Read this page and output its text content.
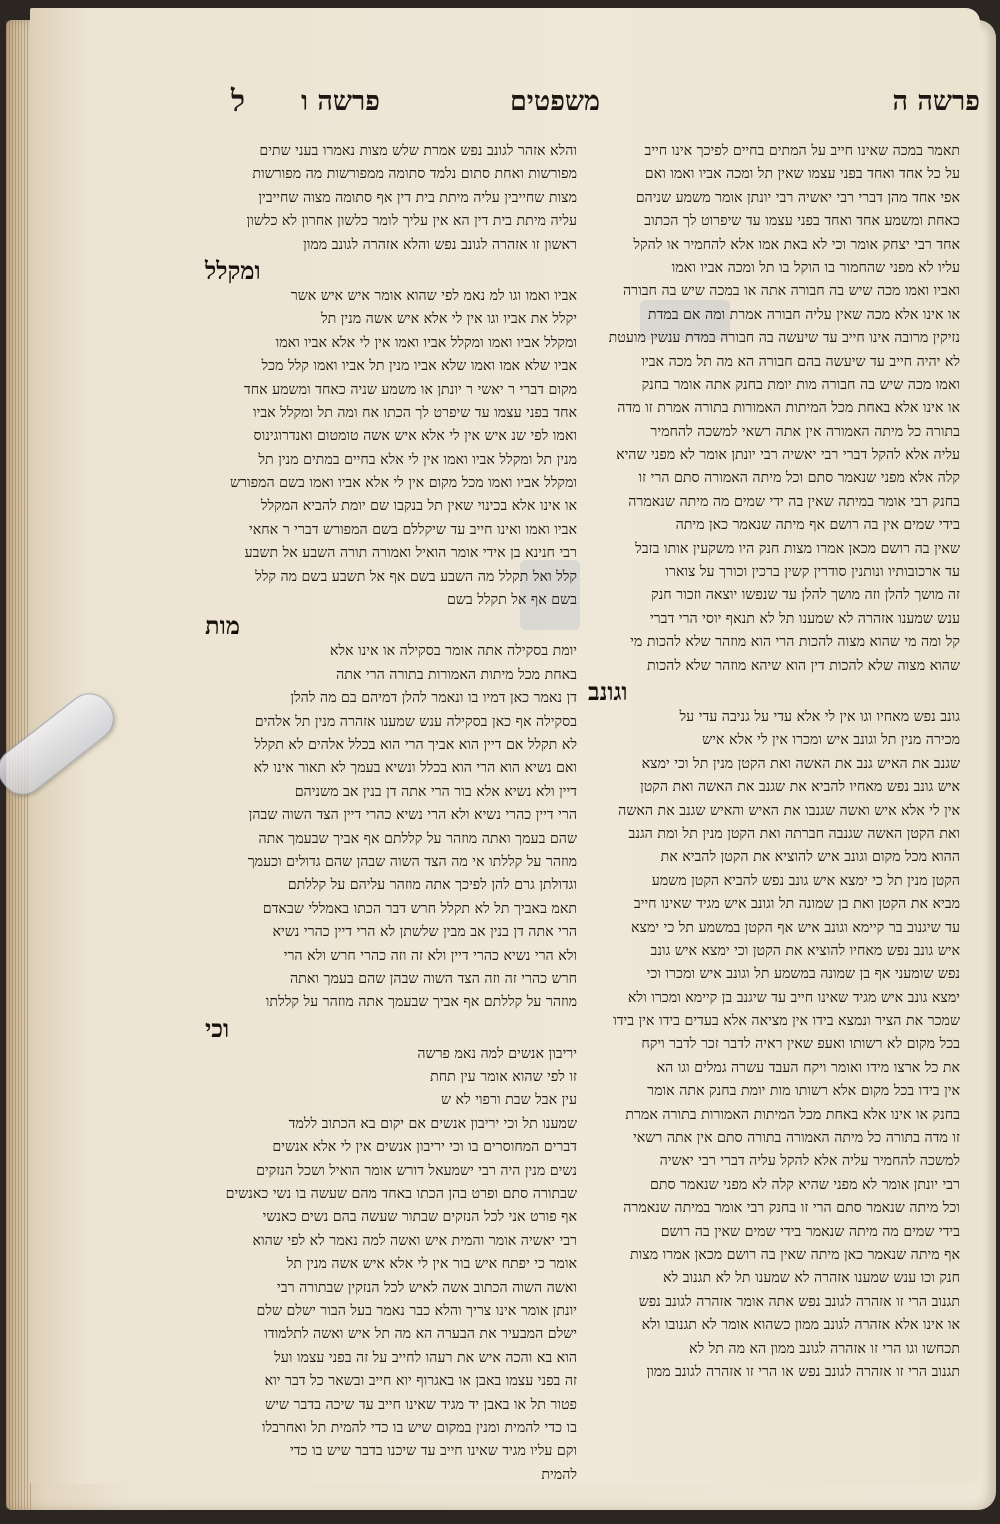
פרשה ה
משפטים
פרשה ו
ל
תאמר במכה שאינו חייב על המתים בחיים לפיכך אינו חייב
על כל אחד ואחד בפני עצמו שאין תל ומכה אביו ואמו ואם
אפי אחד מהן דברי רבי יאשיה רבי יונתן אומר משמע שניהם
כאחת ומשמע אחד ואחד בפני עצמו עד שיפרוט לך הכתוב
אחד רבי יצחק אומר וכי לא באת אמו אלא להחמיר או להקל
עליו לא מפני שהחמור בו הוקל בו תל ומכה אביו ואמו
ואביו ואמו מכה שיש בה חבורה אתה או במכה שיש בה חבורה
או אינו אלא מכה שאין עליה חבורה אמרת ומה אם במדת
נזיקין מרובה אינו חייב עד שיעשה בה חבורה במדת ענשין מועטת
לא יהיה חייב עד שיעשה בהם חבורה הא מה תל מכה אביו
ואמו מכה שיש בה חבורה מות יומת בחנק אתה אומר בחנק
או אינו אלא באחת מכל המיתות האמורות בתורה אמרת זו מדה
בתורה כל מיתה האמורה אין אתה רשאי למשכה להחמיר
עליה אלא להקל דברי רבי יאשיה רבי יונתן אומר לא מפני שהיא
קלה אלא מפני שנאמר סתם וכל מיתה האמורה סתם הרי זו
בחנק רבי אומר במיתה שאין בה ידי שמים מה מיתה שנאמרה
בידי שמים אין בה רושם אף מיתה שנאמר כאן מיתה
שאין בה רושם מכאן אמרו מצות חנק היו משקעין אותו בזבל
עד ארכובותיו ונותנין סודרין קשין ברכין וכורך על צוארו
זה מושך להלן וזה מושך להלן עד שנפשו יוצאה וזכור חנק
ענש שמענו אזהרה לא שמענו תל לא תנאף יוסי הרי דברי
קל ומה מי שהוא מצוה להכות הרי הוא מוזהר שלא להכות מי
שהוא מצוה שלא להכות דין הוא שיהא מוזהר שלא להכות
וגונב
גונב נפש מאחיו וגו אין לי אלא עדי על גניבה עדי על
מכירה מנין תל וגונב איש ומכרו אין לי אלא איש
שגנב את האיש גנב את האשה ואת הקטן מנין תל וכי ימצא
איש גונב נפש מאחיו להביא את שגנב את האשה ואת הקטן
אין לי אלא איש ואשה שגנבו את האיש והאיש שגנב את האשה
ואת הקטן האשה שגנבה חברתה ואת הקטן מנין תל ומת הגנב
ההוא מכל מקום וגונב איש להוציא את הקטן להביא את
הקטן מנין תל כי ימצא איש גונב נפש להביא הקטן משמע
מביא את הקטן ואת בן שמונה תל וגונב איש מגיד שאינו חייב
עד שיגנוב בר קיימא וגונב איש אף הקטן במשמע תל כי ימצא
איש גונב נפש מאחיו להוציא את הקטן וכי ימצא איש גונב
נפש שומעני אף בן שמונה במשמע תל וגונב איש ומכרו וכי
ימצא גונב איש מגיד שאינו חייב עד שיגנב בן קיימא ומכרו ולא
שמכר את הציר ונמצא בידו אין מציאה אלא בעדים בידו אין בידו
בכל מקום לא רשותו ואעפ שאין ראיה לדבר זכר לדבר ויקח
את כל ארצו מידו ואומר ויקח העבד עשרה גמלים וגו הא
אין בידו בכל מקום אלא רשותו מות יומת בחנק אתה אומר
בחנק או אינו אלא באחת מכל המיתות האמורות בתורה אמרת
זו מדה בתורה כל מיתה האמורה בתורה סתם אין אתה רשאי
למשכה להחמיר עליה אלא להקל עליה דברי רבי יאשיה
רבי יונתן אומר לא מפני שהיא קלה לא מפני שנאמר סתם
וכל מיתה שנאמר סתם הרי זו בחנק רבי אומר במיתה שנאמרה
בידי שמים מה מיתה שנאמר בידי שמים שאין בה רושם
אף מיתה שנאמר כאן מיתה שאין בה רושם מכאן אמרו מצות
חנק וכו ענש שמענו אזהרה לא שמענו תל לא תגנוב לא
תגנוב הרי זו אזהרה לגונב נפש אתה אומר אזהרה לגונב נפש
או אינו אלא אזהרה לגונב ממון כשהוא אומר לא תגנובו ולא
תכחשו וגו הרי זו אזהרה לגונב ממון הא מה תל לא
תגנוב הרי זו אזהרה לגונב נפש או הרי זו אזהרה לגונב ממון
והלא אזהר לגונב נפש אמרת שלש מצות נאמרו בעני שתים
מפורשות ואחת סתום נלמד סתומה ממפורשות מה מפורשות
מצות שחייבין עליה מיתת בית דין אף סתומה מצוה שחייבין
עליה מיתת בית דין הא אין עליך לומר כלשון אחרון לא כלשון
ראשון זו אזהרה לגונב נפש והלא אזהרה לגונב ממון
ומקלל
אביו ואמו וגו למ נאמ לפי שהוא אומר איש איש אשר
יקלל את אביו וגו אין לי אלא איש אשה מנין תל
ומקלל אביו ואמו ומקלל אביו ואמו אין לי אלא אביו ואמו
אביו שלא אמו ואמו שלא אביו מנין תל אביו ואמו קלל מכל
מקום דברי ר יאשי ר יונתן או משמע שניה כאחד ומשמע אחד
אחד בפני עצמו עד שיפרט לך הכתו אח ומה תל ומקלל אביו
ואמו לפי שנ איש אין לי אלא איש אשה טומטום ואנדרוגינוס
מנין תל ומקלל אביו ואמו אין לי אלא בחיים במתים מנין תל
ומקלל אביו ואמו מכל מקום אין לי אלא אביו ואמו בשם המפורש
או אינו אלא בכינוי שאין תל בנקבו שם יומת להביא המקלל
אביו ואמו ואינו חייב עד שיקללם בשם המפורש דברי ר אחאי
רבי חנינא בן אידי אומר הואיל ואמורה תורה השבע אל תשבע
קלל ואל תקלל מה השבע בשם אף אל תשבע בשם מה קלל
בשם אף אל תקלל בשם
מות
יומת בסקילה אתה אומר בסקילה או אינו אלא
באחת מכל מיתות האמורות בתורה הרי אתה
דן נאמר כאן דמיו בו ונאמר להלן דמיהם בם מה להלן
בסקילה אף כאן בסקילה ענש שמענו אזהרה מנין תל אלהים
לא תקלל אם דיין הוא אביך הרי הוא בכלל אלהים לא תקלל
ואם נשיא הוא הרי הוא בכלל ונשיא בעמך לא תאור אינו לא
דיין ולא נשיא אלא בור הרי אתה דן בנין אב משניהם
הרי דיין כהרי נשיא ולא הרי נשיא כהרי דיין הצד השוה שבהן
שהם בעמך ואתה מוזהר על קללתם אף אביך שבעמך אתה
מוזהר על קללתו אי מה הצד השוה שבהן שהם גדולים וכעמך
וגדולתן גרם להן לפיכך אתה מוזהר עליהם על קללתם
תאמ באביך תל לא תקלל חרש דבר הכתו באמללי שבאדם
הרי אתה דן בנין אב מבין שלשתן לא הרי דיין כהרי נשיא
ולא הרי נשיא כהרי דיין ולא זה וזה כהרי חרש ולא הרי
חרש כהרי זה וזה הצד השוה שבהן שהם בעמך ואתה
מוזהר על קללתם אף אביך שבעמך אתה מוזהר על קללתו
וכי
יריבון אנשים למה נאמ פרשה
זו לפי שהוא אומר עין תחת
עין אבל שבת ורפוי לא ש
שמענו תל וכי יריבון אנשים אם יקום בא הכתוב ללמד
דברים המחוסרים בו וכי יריבון אנשים אין לי אלא אנשים
נשים מנין היה רבי ישמעאל דורש אומר הואיל ושכל הנזקים
שבתורה סתם ופרט בהן הכתו באחד מהם שעשה בו נשי כאנשים
אף פורט אני לכל הנזקים שבתור שעשה בהם נשים כאנשי
רבי יאשיה אומר והמית איש ואשה למה נאמר לא לפי שהוא
אומר כי יפתח איש בור אין לי אלא איש אשה מנין תל
ואשה השוה הכתוב אשה לאיש לכל הנזקין שבתורה רבי
יונתן אומר אינו צריך והלא כבר נאמר בעל הבור ישלם שלם
ישלם המבעיר את הבערה הא מה תל איש ואשה לתלמודו
הוא בא והכה איש את רעהו לחייב על זה בפני עצמו ועל
זה בפני עצמו באבן או באגרוף יוא חייב ובשאר כל דבר יוא
פטור תל או באבן יד מגיד שאינו חייב עד שיכה בדבר שיש
בו כדי להמית ומנין במקום שיש בו כדי להמית תל ואחרבלו
וקם עליו מגיד שאינו חייב עד שיכנו בדבר שיש בו כדי
להמית
